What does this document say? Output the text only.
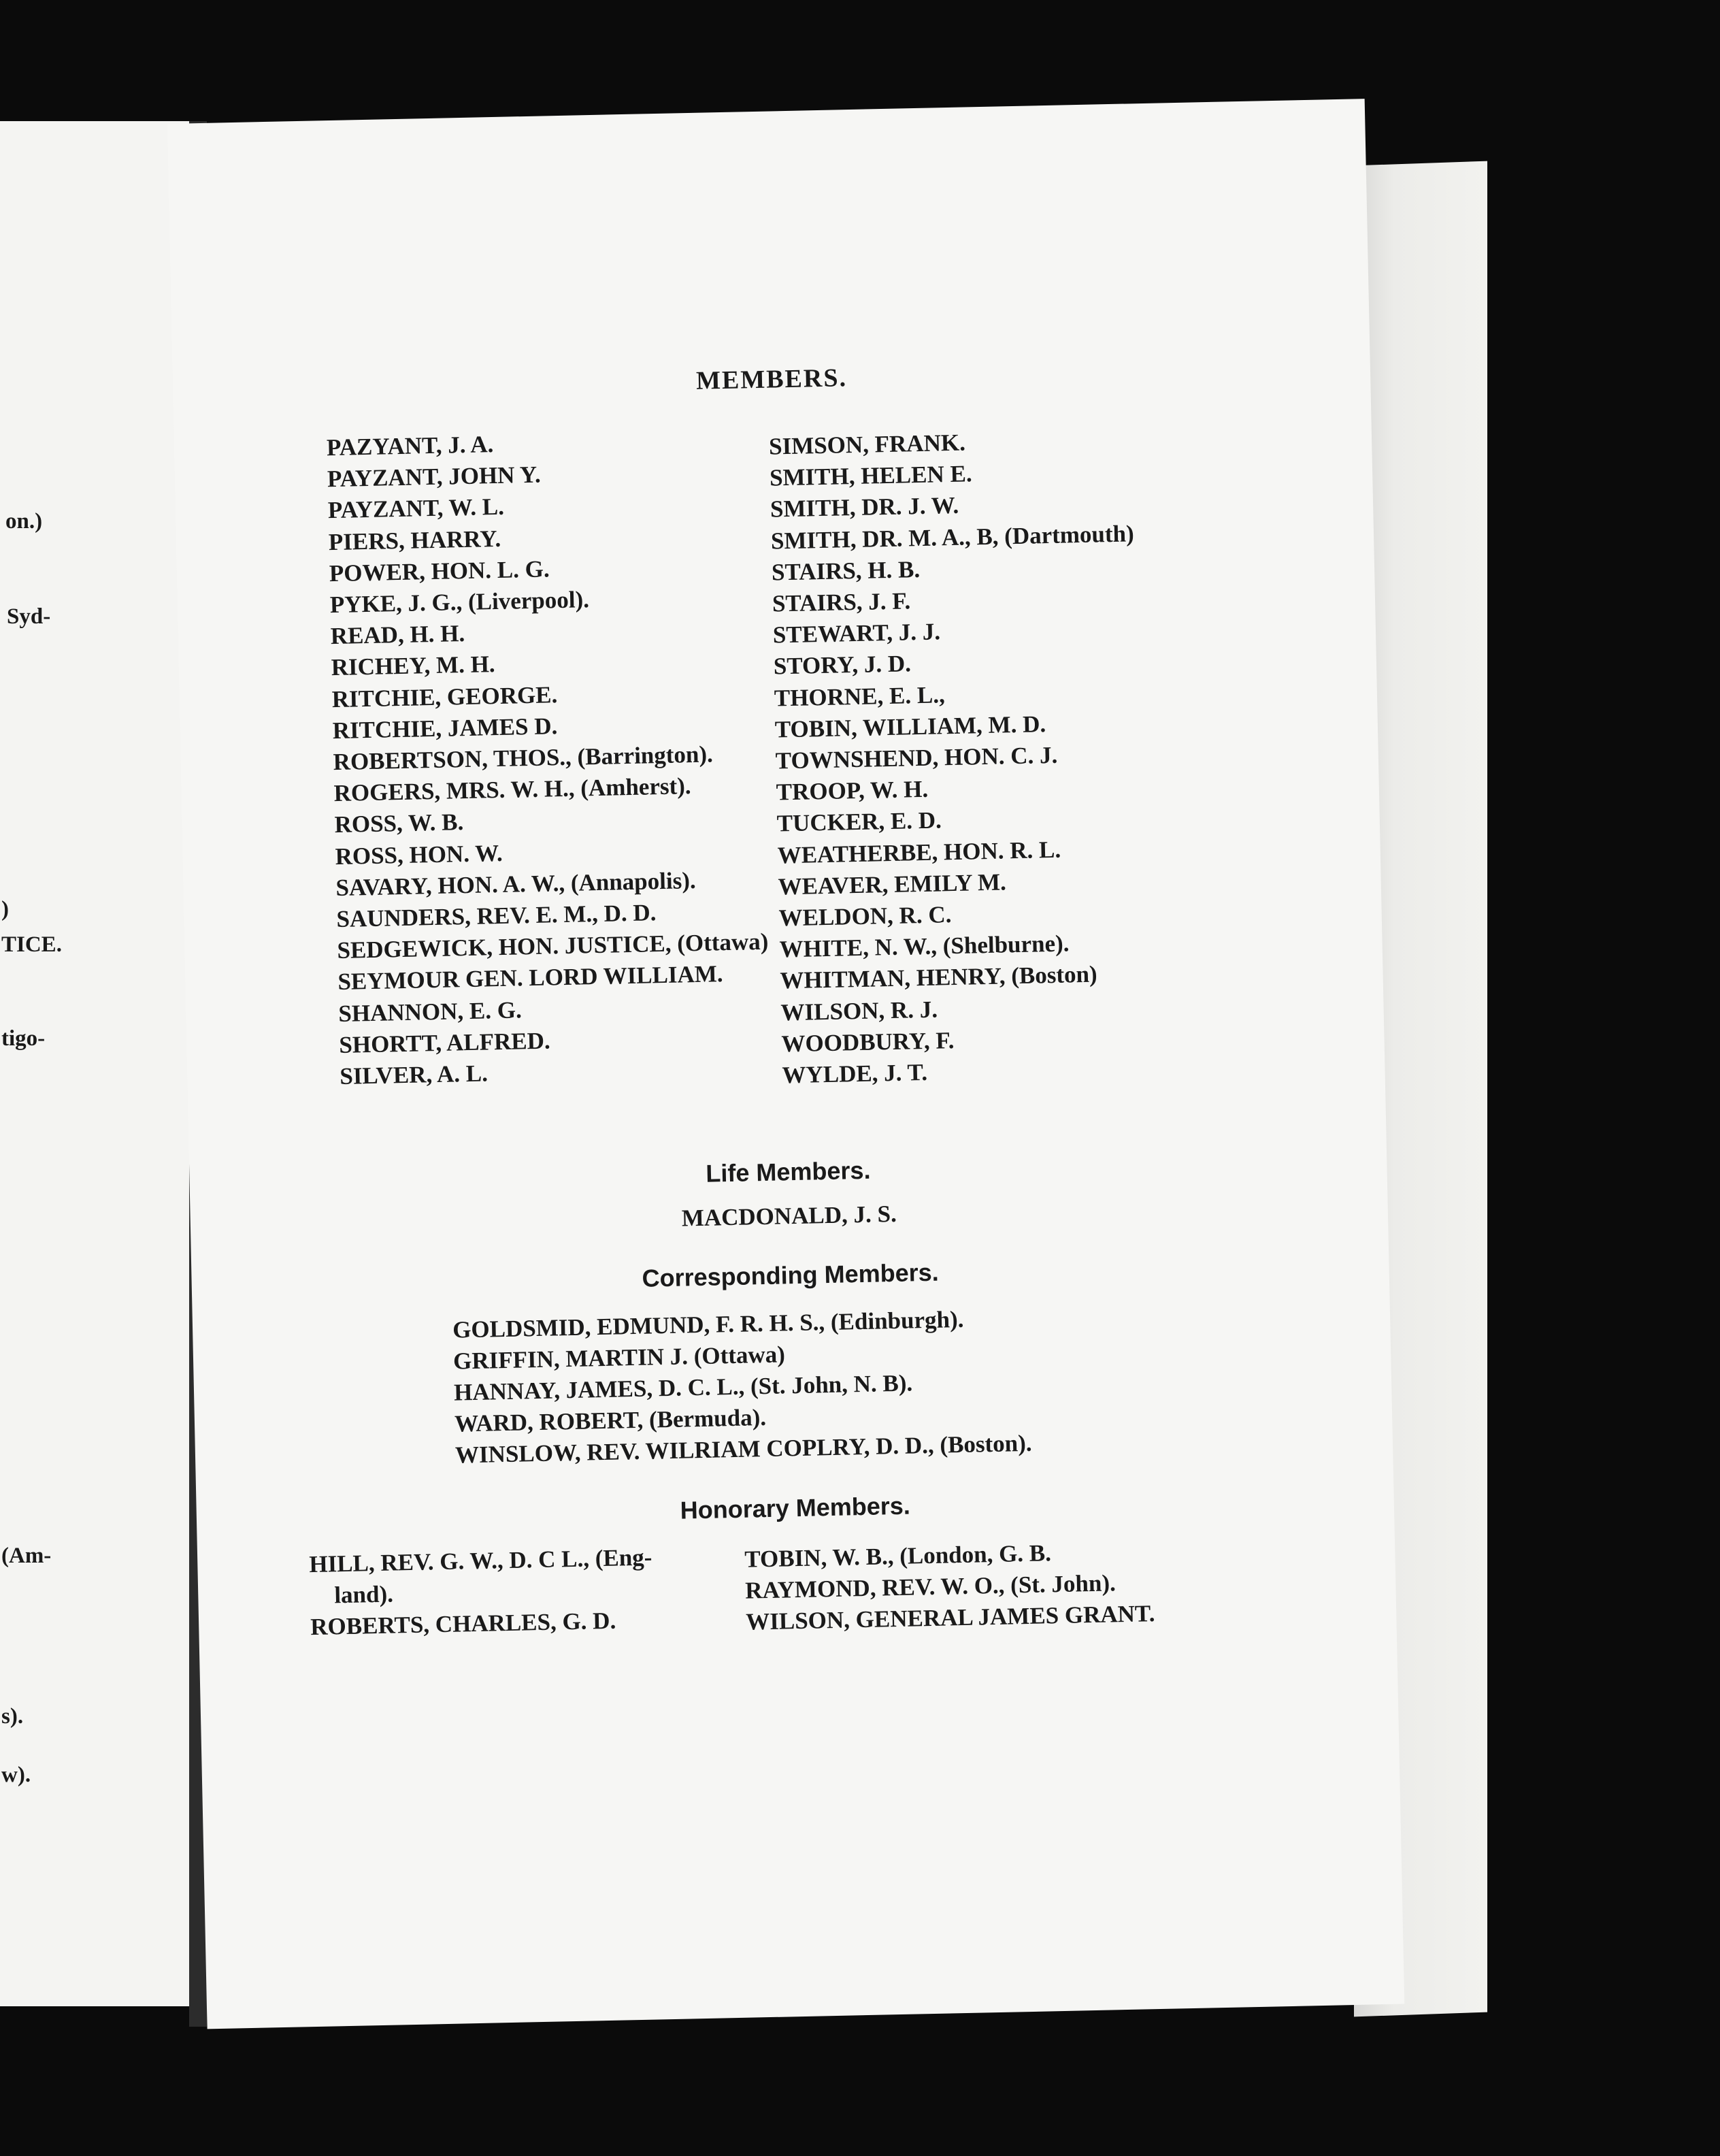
on.)
Syd-
)
TICE.
tigo-
(Am-
s).
w).
MEMBERS.
PAZYANT, J. A.
PAYZANT, JOHN Y.
PAYZANT, W. L.
PIERS, HARRY.
POWER, HON. L. G.
PYKE, J. G., (Liverpool).
READ, H. H.
RICHEY, M. H.
RITCHIE, GEORGE.
RITCHIE, JAMES D.
ROBERTSON, THOS., (Barrington).
ROGERS, MRS. W. H., (Amherst).
ROSS, W. B.
ROSS, HON. W.
SAVARY, HON. A. W., (Annapolis).
SAUNDERS, REV. E. M., D. D.
SEDGEWICK, HON. JUSTICE, (Ottawa)
SEYMOUR GEN. LORD WILLIAM.
SHANNON, E. G.
SHORTT, ALFRED.
SILVER, A. L.
SIMSON, FRANK.
SMITH, HELEN E.
SMITH, DR. J. W.
SMITH, DR. M. A., B, (Dartmouth)
STAIRS, H. B.
STAIRS, J. F.
STEWART, J. J.
STORY, J. D.
THORNE, E. L.,
TOBIN, WILLIAM, M. D.
TOWNSHEND, HON. C. J.
TROOP, W. H.
TUCKER, E. D.
WEATHERBE, HON. R. L.
WEAVER, EMILY M.
WELDON, R. C.
WHITE, N. W., (Shelburne).
WHITMAN, HENRY, (Boston)
WILSON, R. J.
WOODBURY, F.
WYLDE, J. T.
Life Members.
MACDONALD, J. S.
Corresponding Members.
GOLDSMID, EDMUND, F. R. H. S., (Edinburgh).
GRIFFIN, MARTIN J. (Ottawa)
HANNAY, JAMES, D. C. L., (St. John, N. B).
WARD, ROBERT, (Bermuda).
WINSLOW, REV. WILRIAM COPLRY, D. D., (Boston).
Honorary Members.
HILL, REV. G. W., D. C L., (Eng-
land).
ROBERTS, CHARLES, G. D.
TOBIN, W. B., (London, G. B.
RAYMOND, REV. W. O., (St. John).
WILSON, GENERAL JAMES GRANT.
